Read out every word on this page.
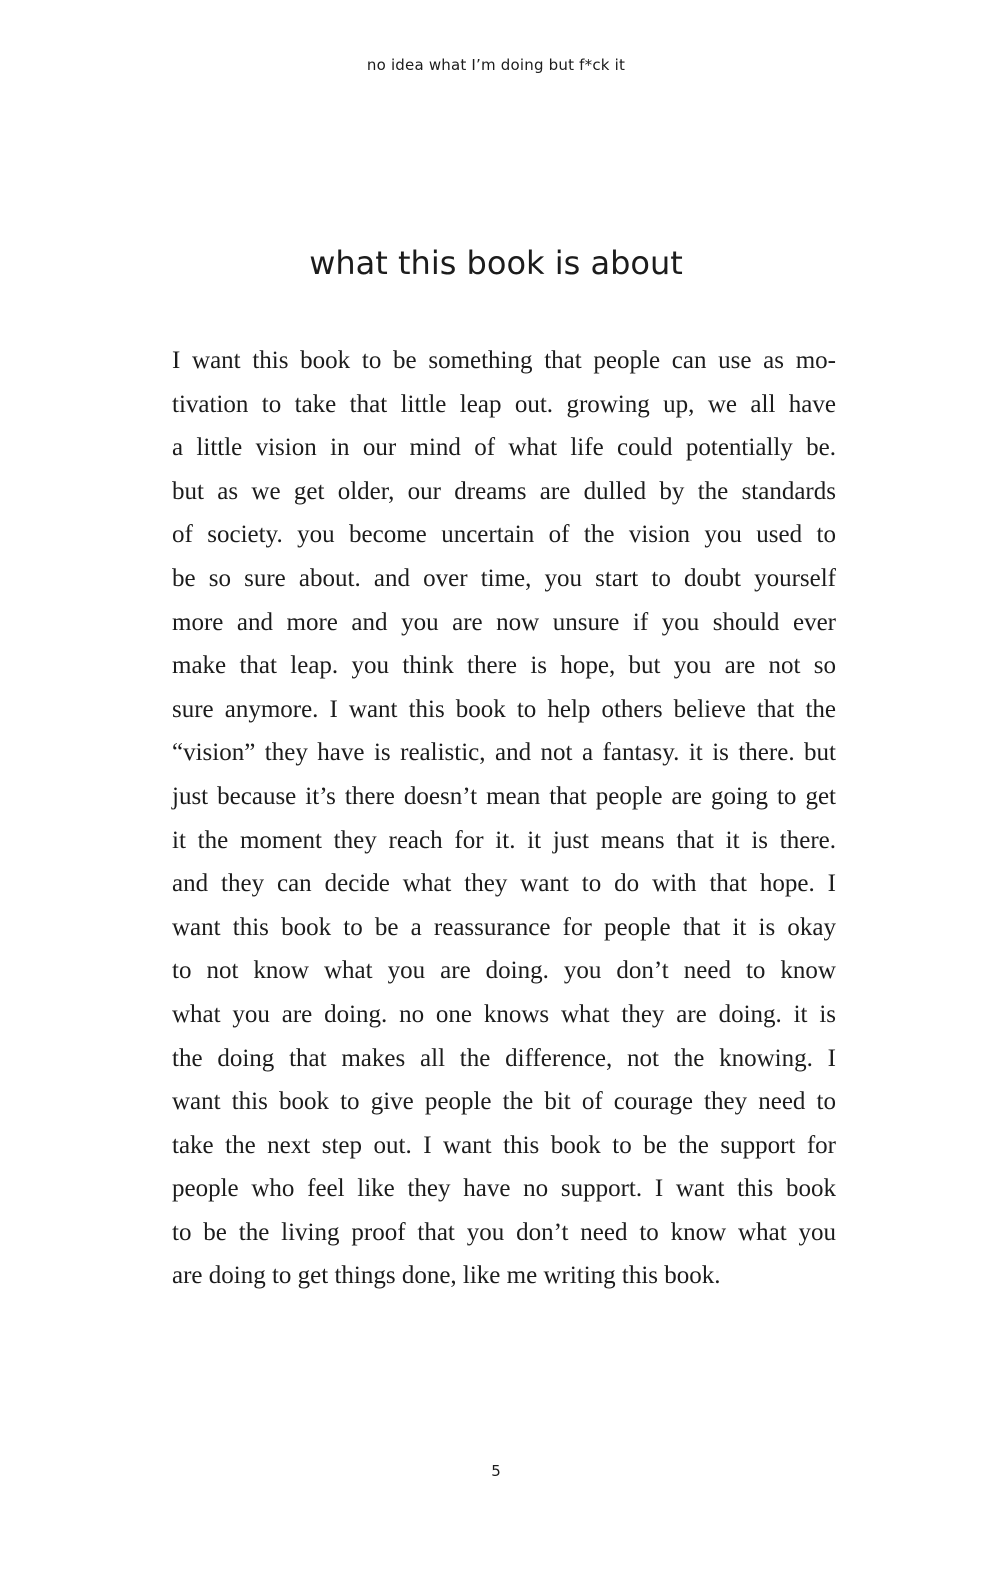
no idea what I’m doing but f*ck it
what this book is about
I want this book to be something that people can use as mo-
tivation to take that little leap out. growing up, we all have
a little vision in our mind of what life could potentially be.
but as we get older, our dreams are dulled by the standards
of society. you become uncertain of the vision you used to
be so sure about. and over time, you start to doubt yourself
more and more and you are now unsure if you should ever
make that leap. you think there is hope, but you are not so
sure anymore. I want this book to help others believe that the
“vision” they have is realistic, and not a fantasy. it is there. but
just because it’s there doesn’t mean that people are going to get
it the moment they reach for it. it just means that it is there.
and they can decide what they want to do with that hope. I
want this book to be a reassurance for people that it is okay
to not know what you are doing. you don’t need to know
what you are doing. no one knows what they are doing. it is
the doing that makes all the difference, not the knowing. I
want this book to give people the bit of courage they need to
take the next step out. I want this book to be the support for
people who feel like they have no support. I want this book
to be the living proof that you don’t need to know what you
are doing to get things done, like me writing this book.
5
